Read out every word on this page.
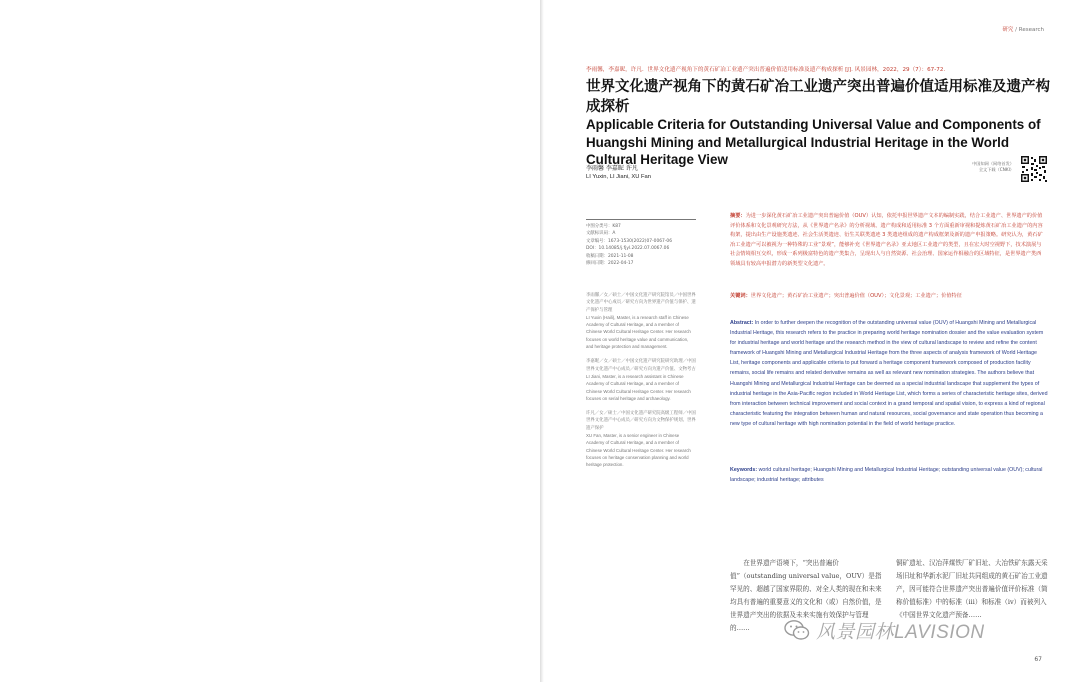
研究 / Research
李雨馨，李嘉昵，许凡．世界文化遗产视角下的黄石矿冶工业遗产突出普遍价值适用标准及遗产构成探析 [J]. 风景园林，2022，29（7）：67-72.
世界文化遗产视角下的黄石矿冶工业遗产突出普遍价值适用标准及遗产构成探析
Applicable Criteria for Outstanding Universal Value and Components of Huangshi Mining and Metallurgical Industrial Heritage in the World Cultural Heritage View
李雨馨 李嘉昵 许凡
LI Yuxin, LI Jiani, XU Fan
中国知网（网络首发）
全文下载（CNKI）
中图分类号：K87
文献标识码：A
文章编号：1673-1530(2022)07-0067-06
DOI：10.14085/j.fjyl.2022.07.0067.06
收稿日期：2021-11-08
修回日期：2022-04-17
李雨馨／女／硕士／中国文化遗产研究院馆员／中国世界文化遗产中心成员／研究方向为世界遗产价值与保护、遗产保护与管理
LI Yuxin (Haili), Master, is a research staff in Chinese Academy of Cultural Heritage, and a member of Chinese World Cultural Heritage Center. Her research focuses on world heritage value and communication, and heritage protection and management.
李嘉昵／女／硕士／中国文化遗产研究院研究助理／中国世界文化遗产中心成员／研究方向为遗产价值、文物考古
LI Jiani, Master, is a research assistant in Chinese Academy of Cultural Heritage, and a member of Chinese World Cultural Heritage Center. Her research focuses on serial heritage and archaeology.
许凡／女／硕士／中国文化遗产研究院高级工程师／中国世界文化遗产中心成员／研究方向为文物保护规划、世界遗产保护
XU Fan, Master, is a senior engineer in Chinese Academy of Cultural Heritage, and a member of Chinese World Cultural Heritage Center. Her research focuses on heritage conservation planning and world heritage protection.

摘要：为进一步深化黄石矿冶工业遗产突出普遍价值（OUV）认知，依托申报世界遗产文本的编制实践，结合工业遗产、世界遗产的价值评价体系和文化景观研究方法，从《世界遗产名录》的分析视域、遗产构成和适用标准 3 个方面重新审视和提炼黄石矿冶工业遗产的内容构架，提出由生产设施类遗迹、社会生活类遗迹、衍生关联类遗迹 3 类遗迹组成的遗产构成框架及新的遗产申报策略。研究认为，黄石矿冶工业遗产可以被视为一种特殊的工业“景观”，能够补充《世界遗产名录》亚太地区工业遗产的类型，且在宏大时空视野下，技术演展与社会情境相互交织，形成一系列极富特色的遗产类集合，呈现出人与自然资源、社会治理、国家运作相融合的区域特征，是世界遗产类西领域具有较高申报潜力的新类型文化遗产。

关键词：世界文化遗产；黄石矿冶工业遗产；突出普遍价值（OUV）；文化景观；工业遗产；价值特征

Abstract: In order to further deepen the recognition of the outstanding universal value (OUV) of Huangshi Mining and Metallurgical Industrial Heritage, this research refers to the practice in preparing world heritage nomination dossier and the value evaluation system for industrial heritage and world heritage and the research method in the view of cultural landscape to review and refine the content framework of Huangshi Mining and Metallurgical Industrial Heritage from the three aspects of analysis framework of World Heritage List, heritage components and applicable criteria to put forward a heritage component framework composed of production facility remains, social life remains and related derivative remains as well as relevant new nomination strategies. The authors believe that Huangshi Mining and Metallurgical Industrial Heritage can be deemed as a special industrial landscape that supplement the types of industrial heritage in the Asia-Pacific region included in World Heritage List, which forms a series of characteristic heritage sites, derived from interaction between technical improvement and social context in a grand temporal and spatial vision, to express a kind of regional characteristic featuring the integration between human and natural resources, social governance and state operation thus becoming a new type of cultural heritage with high nomination potential in the field of world heritage practice.

Keywords: world cultural heritage; Huangshi Mining and Metallurgical Industrial Heritage; outstanding universal value (OUV); cultural landscape; industrial heritage; attributes

在世界遗产语境下，“突出普遍价值”（outstanding universal value，OUV）是指罕见的、超越了国家界限的、对全人类的现在和未来均具有普遍的重要意义的文化和（或）自然价值，是世界遗产突出的依据及未来实施有效保护与管理的……

铜矿遗址、汉冶萍煤铁厂矿旧址、大冶铁矿东露天采场旧址和华新水泥厂旧址共同组成的黄石矿冶工业遗产，因可能符合世界遗产突出普遍价值评价标准（简称价值标准）中的标准（ⅲ）和标准（ⅳ）而被列入《中国世界文化遗产预备……

风景园林LAVISION
67
